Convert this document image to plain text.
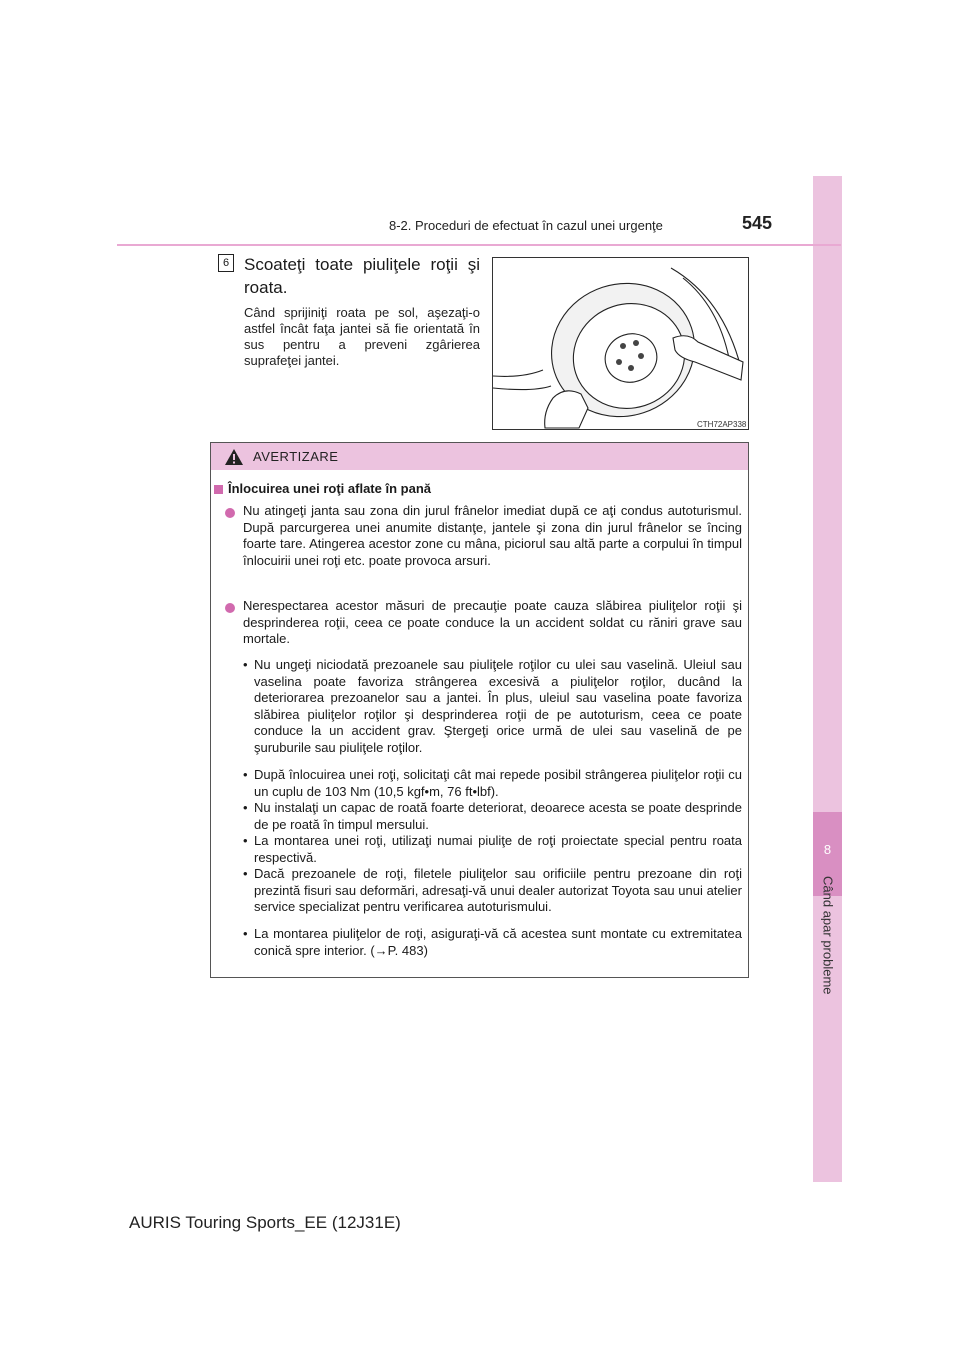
8
Când apar probleme
8-2. Proceduri de efectuat în cazul unei urgenţe	545
6 Scoateţi toate piuliţele roţii şi roata.
Când sprijiniţi roata pe sol, aşezaţi-o astfel încât faţa jantei să fie orientată în sus pentru a preveni zgârierea suprafeţei jantei.
CTH72AP338
AVERTIZARE
Înlocuirea unei roţi aflate în pană
Nu atingeţi janta sau zona din jurul frânelor imediat după ce aţi condus autoturismul. După parcurgerea unei anumite distanţe, jantele şi zona din jurul frânelor se încing foarte tare. Atingerea acestor zone cu mâna, piciorul sau altă parte a corpului în timpul înlocuirii unei roţi etc. poate provoca arsuri.
Nerespectarea acestor măsuri de precauţie poate cauza slăbirea piuliţelor roţii şi desprinderea roţii, ceea ce poate conduce la un accident soldat cu răniri grave sau mortale.
• Nu ungeţi niciodată prezoanele sau piuliţele roţilor cu ulei sau vaselină. Uleiul sau vaselina poate favoriza strângerea excesivă a piuliţelor roţilor, ducând la deteriorarea prezoanelor sau a jantei. În plus, uleiul sau vaselina poate favoriza slăbirea piuliţelor roţilor şi desprinderea roţii de pe autoturism, ceea ce poate conduce la un accident grav. Ştergeţi orice urmă de ulei sau vaselină de pe şuruburile sau piuliţele roţilor.
• După înlocuirea unei roţi, solicitaţi cât mai repede posibil strângerea piuliţelor roţii cu un cuplu de 103 Nm (10,5 kgf•m, 76 ft•lbf).
• Nu instalaţi un capac de roată foarte deteriorat, deoarece acesta se poate desprinde de pe roată în timpul mersului.
• La montarea unei roţi, utilizaţi numai piuliţe de roţi proiectate special pentru roata respectivă.
• Dacă prezoanele de roţi, filetele piuliţelor sau orificiile pentru prezoane din roţi prezintă fisuri sau deformări, adresaţi-vă unui dealer autorizat Toyota sau unui atelier service specializat pentru verificarea autoturismului.
• La montarea piuliţelor de roţi, asiguraţi-vă că acestea sunt montate cu extremitatea conică spre interior. (→P. 483)
AURIS Touring Sports_EE (12J31E)
